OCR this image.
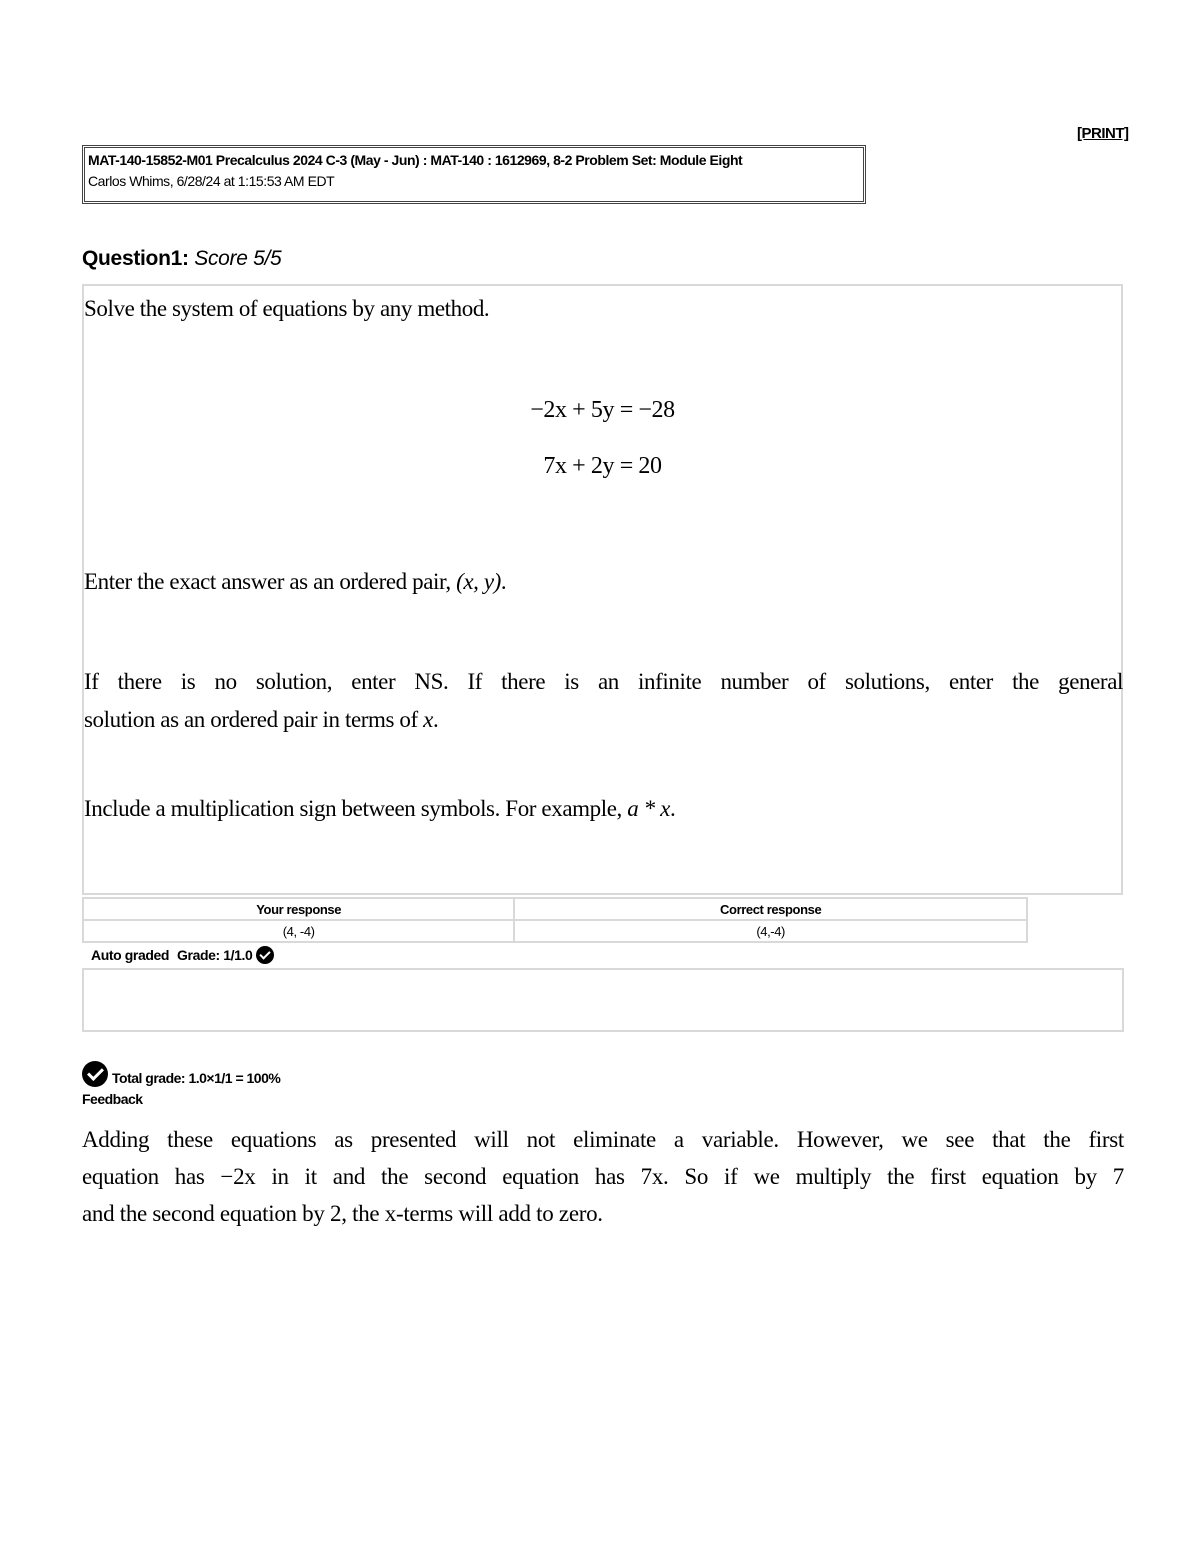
[PRINT]
MAT-140-15852-M01 Precalculus 2024 C-3 (May - Jun) : MAT-140 : 1612969, 8-2 Problem Set: Module Eight
Carlos Whims, 6/28/24 at 1:15:53 AM EDT
Question1: Score 5/5
Solve the system of equations by any method.
−2x + 5y = −28
7x + 2y = 20
Enter the exact answer as an ordered pair, (x, y).
If there is no solution, enter NS. If there is an infinite number of solutions, enter the general
solution as an ordered pair in terms of x.
Include a multiplication sign between symbols. For example, a * x.
Your response	Correct response
(4, -4)	(4,-4)
Auto graded Grade: 1/1.0
Total grade: 1.0×1/1 = 100%
Feedback
Adding these equations as presented will not eliminate a variable. However, we see that the first
equation has −2x in it and the second equation has 7x. So if we multiply the first equation by 7
and the second equation by 2, the x-terms will add to zero.
